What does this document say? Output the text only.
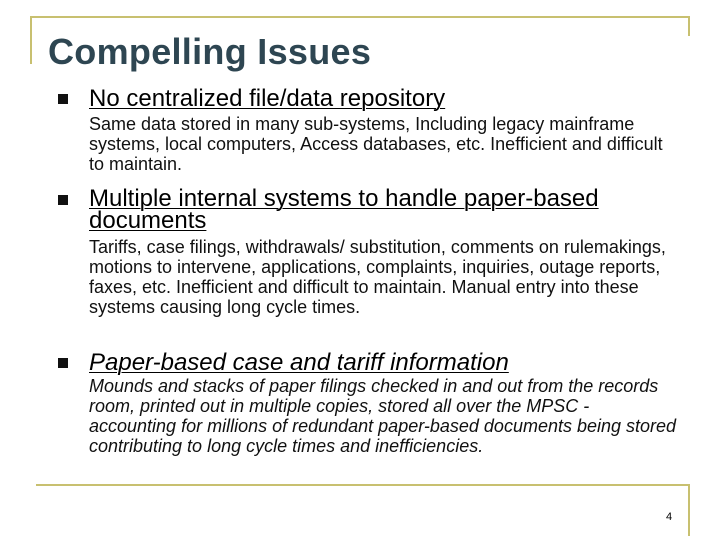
Compelling Issues

No centralized file/data repository

Same data stored in many sub-systems, Including legacy mainframe systems, local computers, Access databases, etc. Inefficient and difficult to maintain.

Multiple internal systems to handle paper-based
documents

Tariffs, case filings, withdrawals/ substitution, comments on rulemakings, motions to intervene, applications, complaints, inquiries, outage reports, faxes, etc. Inefficient and difficult to maintain. Manual entry into these systems causing long cycle times.

Paper-based case and tariff information

Mounds and stacks of paper filings checked in and out from the records room, printed out in multiple copies, stored all over the MPSC - accounting for millions of redundant paper-based documents being stored contributing to long cycle times and inefficiencies.

4
